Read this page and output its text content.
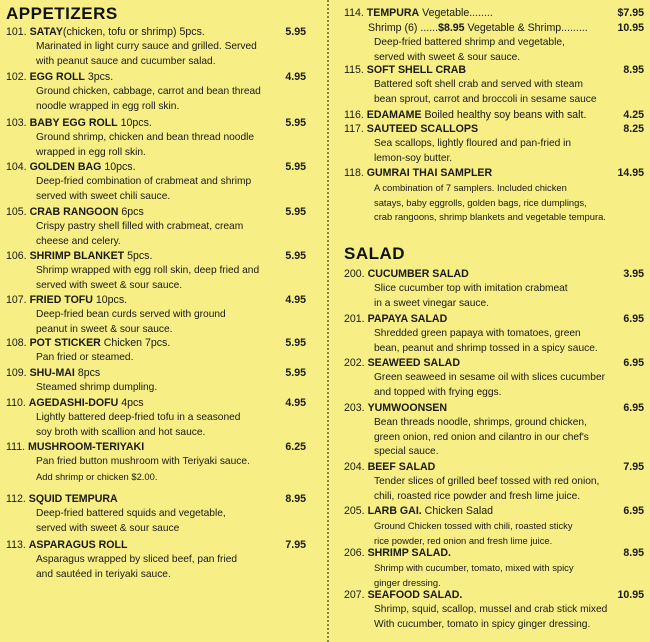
APPETIZERS
101. SATAY(chicken, tofu or shrimp) 5pcs.	5.95
Marinated in light curry sauce and grilled. Served
with peanut sauce and cucumber salad.
102. EGG ROLL 3pcs.	4.95
Ground chicken, cabbage, carrot and bean thread
noodle wrapped in egg roll skin.
103. BABY EGG ROLL 10pcs.	5.95
Ground shrimp, chicken and bean thread noodle
wrapped in egg roll skin.
104. GOLDEN BAG 10pcs.	5.95
Deep-fried combination of crabmeat and shrimp
served with sweet chili sauce.
105. CRAB RANGOON 6pcs	5.95
Crispy pastry shell filled with crabmeat, cream
cheese and celery.
106. SHRIMP BLANKET 5pcs.	5.95
Shrimp wrapped with egg roll skin, deep fried and
served with sweet & sour sauce.
107. FRIED TOFU 10pcs.	4.95
Deep-fried bean curds served with ground
peanut in sweet & sour sauce.
108. POT STICKER Chicken 7pcs.	5.95
Pan fried or steamed.
109. SHU-MAI 8pcs	5.95
Steamed shrimp dumpling.
110. AGEDASHI-DOFU 4pcs	4.95
Lightly battered deep-fried tofu in a seasoned
soy broth with scallion and hot sauce.
111. MUSHROOM-TERIYAKI	6.25
Pan fried button mushroom with Teriyaki sauce.
Add shrimp or chicken $2.00.
112. SQUID TEMPURA	8.95
Deep-fried battered squids and vegetable,
served with sweet & sour sauce
113. ASPARAGUS ROLL	7.95
Asparagus wrapped by sliced beef, pan fried
and sautéed in teriyaki sauce.
114. TEMPURA Vegetable........	$7.95
Shrimp (6) ......$8.95 Vegetable & Shrimp.........	10.95
Deep-fried battered shrimp and vegetable,
served with sweet & sour sauce.
115. SOFT SHELL CRAB	8.95
Battered soft shell crab and served with steam
bean sprout, carrot and broccoli in sesame sauce
116. EDAMAME Boiled healthy soy beans with salt.	4.25
117. SAUTEED SCALLOPS	8.25
Sea scallops, lightly floured and pan-fried in
lemon-soy butter.
118. GUMRAI THAI SAMPLER	14.95
A combination of 7 samplers. Included chicken
satays, baby eggrolls, golden bags, rice dumplings,
crab rangoons, shrimp blankets and vegetable tempura.
SALAD
200. CUCUMBER SALAD	3.95
Slice cucumber top with imitation crabmeat
in a sweet vinegar sauce.
201. PAPAYA SALAD	6.95
Shredded green papaya with tomatoes, green
bean, peanut and shrimp tossed in a spicy sauce.
202. SEAWEED SALAD	6.95
Green seaweed in sesame oil with slices cucumber
and topped with frying eggs.
203. YUMWOONSEN	6.95
Bean threads noodle, shrimps, ground chicken,
green onion, red onion and cilantro in our chef's
special sauce.
204. BEEF SALAD	7.95
Tender slices of grilled beef tossed with red onion,
chili, roasted rice powder and fresh lime juice.
205. LARB GAI. Chicken Salad	6.95
Ground Chicken tossed with chili, roasted sticky
rice powder, red onion and fresh lime juice.
206. SHRIMP SALAD.	8.95
Shrimp with cucumber, tomato, mixed with spicy
ginger dressing.
207. SEAFOOD SALAD.	10.95
Shrimp, squid, scallop, mussel and crab stick mixed
With cucumber, tomato in spicy ginger dressing.
